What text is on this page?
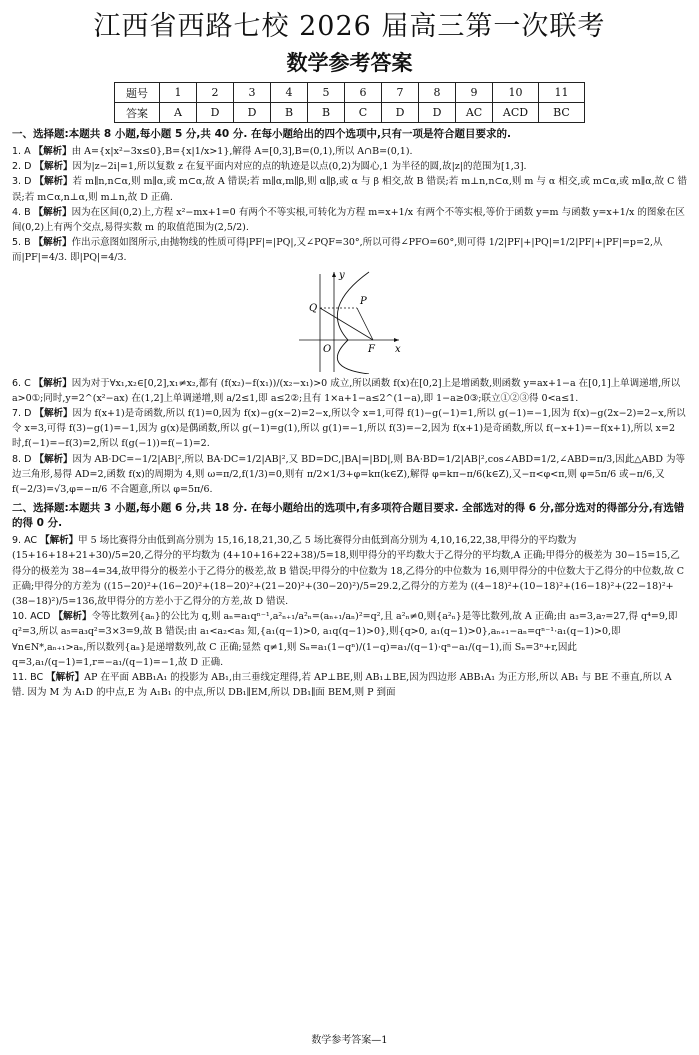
江西省西路七校 2026 届高三第一次联考
数学参考答案
题号	1	2	3	4	5	6	7	8	9	10	11
答案	A	D	D	B	B	C	D	D	AC	ACD	BC
一、选择题:本题共 8 小题,每小题 5 分,共 40 分. 在每小题给出的四个选项中,只有一项是符合题目要求的.

1. A 【解析】由 A={x|x²−3x≤0},B={x|1/x>1},解得 A=[0,3],B=(0,1),所以 A∩B=(0,1).

2. D 【解析】因为|z−2i|=1,所以复数 z 在复平面内对应的点的轨迹是以点(0,2)为圆心,1 为半径的圆,故|z|的范围为[1,3].

3. D 【解析】若 m∥n,n⊂α,则 m∥α,或 m⊂α,故 A 错误;若 m∥α,m∥β,则 α∥β,或 α 与 β 相交,故 B 错误;若 m⊥n,n⊂α,则 m 与 α 相交,或 m⊂α,或 m∥α,故 C 错误;若 m⊂α,n⊥α,则 m⊥n,故 D 正确.

4. B 【解析】因为在区间(0,2)上,方程 x²−mx+1=0 有两个不等实根,可转化为方程 m=x+1/x 有两个不等实根,等价于函数 y=m 与函数 y=x+1/x 的图象在区间(0,2)上有两个交点,易得实数 m 的取值范围为(2,5/2).

5. B 【解析】作出示意图如图所示,由抛物线的性质可得|PF|=|PQ|,又∠PQF=30°,所以可得∠PFO=60°,则可得 1/2|PF|+|PQ|=1/2|PF|+|PF|=p=2,从而|PF|=4/3. 即|PQ|=4/3.

y
x
O	F
P
Q

6. C 【解析】因为对于∀x₁,x₂∈[0,2],x₁≠x₂,都有 (f(x₂)−f(x₁))/(x₂−x₁)>0 成立,所以函数 f(x)在[0,2]上是增函数,则函数 y=ax+1−a 在[0,1]上单调递增,所以 a>0①;同时,y=2^(x²−ax) 在(1,2]上单调递增,则 a/2≤1,即 a≤2②;且有 1×a+1−a≤2^(1−a),即 1−a≥0③;联立①②③得 0<a≤1.

7. D 【解析】因为 f(x+1)是奇函数,所以 f(1)=0,因为 f(x)−g(x−2)=2−x,所以令 x=1,可得 f(1)−g(−1)=1,所以 g(−1)=−1,因为 f(x)−g(2x−2)=2−x,所以令 x=3,可得 f(3)−g(1)=−1,因为 g(x)是偶函数,所以 g(−1)=g(1),所以 g(1)=−1,所以 f(3)=−2,因为 f(x+1)是奇函数,所以 f(−x+1)=−f(x+1),所以 x=2 时,f(−1)=−f(3)=2,所以 f(g(−1))=f(−1)=2.

8. D 【解析】因为 AB·DC=−1/2|AB|²,所以 BA·DC=1/2|AB|²,又 BD=DC,|BA|=|BD|,则 BA·BD=1/2|AB|²,cos∠ABD=1/2,∠ABD=π/3,因此△ABD 为等边三角形,易得 AD=2,函数 f(x)的周期为 4,则 ω=π/2,f(1/3)=0,则有 π/2×1/3+φ=kπ(k∈Z),解得 φ=kπ−π/6(k∈Z),又−π<φ<π,则 φ=5π/6 或−π/6,又 f(−2/3)=√3,φ=−π/6 不合题意,所以 φ=5π/6.

二、选择题:本题共 3 小题,每小题 6 分,共 18 分. 在每小题给出的选项中,有多项符合题目要求. 全部选对的得 6 分,部分选对的得部分分,有选错的得 0 分.

9. AC 【解析】甲 5 场比赛得分由低到高分别为 15,16,18,21,30,乙 5 场比赛得分由低到高分别为 4,10,16,22,38,甲得分的平均数为 (15+16+18+21+30)/5=20,乙得分的平均数为 (4+10+16+22+38)/5=18,则甲得分的平均数大于乙得分的平均数,A 正确;甲得分的极差为 30−15=15,乙得分的极差为 38−4=34,故甲得分的极差小于乙得分的极差,故 B 错误;甲得分的中位数为 18,乙得分的中位数为 16,则甲得分的中位数大于乙得分的中位数,故 C 正确;甲得分的方差为 ((15−20)²+(16−20)²+(18−20)²+(21−20)²+(30−20)²)/5=29.2,乙得分的方差为 ((4−18)²+(10−18)²+(16−18)²+(22−18)²+(38−18)²)/5=136,故甲得分的方差小于乙得分的方差,故 D 错误.

10. ACD 【解析】令等比数列{aₙ}的公比为 q,则 aₙ=a₁qⁿ⁻¹,a²ₙ₊₁/a²ₙ=(aₙ₊₁/aₙ)²=q²,且 a²ₙ≠0,则{a²ₙ}是等比数列,故 A 正确;由 a₃=3,a₇=27,得 q⁴=9,即 q²=3,所以 a₅=a₃q²=3×3=9,故 B 错误;由 a₁<a₂<a₃ 知,{a₁(q−1)>0, a₁q(q−1)>0},则{q>0, a₁(q−1)>0},aₙ₊₁−aₙ=qⁿ⁻¹·a₁(q−1)>0,即∀n∈N*,aₙ₊₁>aₙ,所以数列{aₙ}是递增数列,故 C 正确;显然 q≠1,则 Sₙ=a₁(1−qⁿ)/(1−q)=a₁/(q−1)·qⁿ−a₁/(q−1),而 Sₙ=3ⁿ+r,因此 q=3,a₁/(q−1)=1,r=−a₁/(q−1)=−1,故 D 正确.

11. BC 【解析】AP 在平面 ABB₁A₁ 的投影为 AB₁,由三垂线定理得,若 AP⊥BE,则 AB₁⊥BE,因为四边形 ABB₁A₁ 为正方形,所以 AB₁ 与 BE 不垂直,所以 A 错. 因为 M 为 A₁D 的中点,E 为 A₁B₁ 的中点,所以 DB₁∥EM,所以 DB₁∥面 BEM,则 P 到面

数学参考答案—1
